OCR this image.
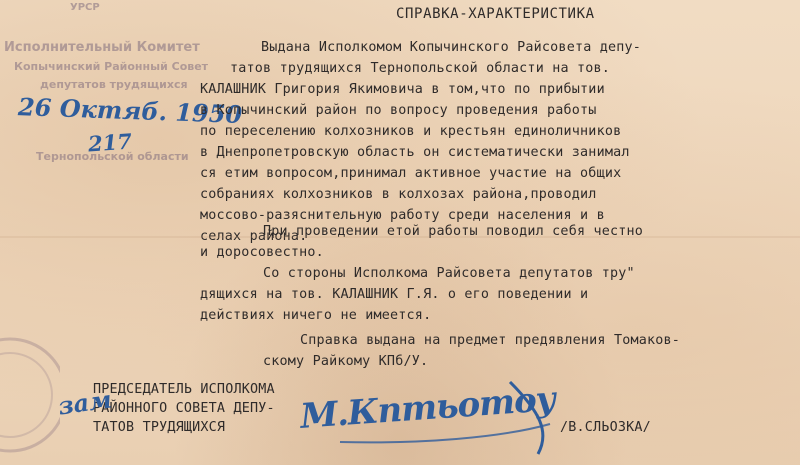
УРСР
Исполнительный Комитет
Копычинский Районный Совет
депутатов трудящихся
Тернопольской области
26 Октяб. 1950
217
СПРАВКА-ХАРАКТЕРИСТИКА
Выдана Исполкомом Копычинского Райсовета депу-
татов трудящихся Тернопольской области на тов.
КАЛАШНИК Григория Якимовича в том,что по прибытии
в Копычинский район по вопросу проведения работы
по переселению колхозников и крестьян единоличников
в Днепропетровскую область он систематически занимал
ся етим вопросом,принимал активное участие на общих
собраниях колхозников в колхозах района,проводил
моссово-разяснительную работу среди населения и в
селах района.
При проведении етой работы поводил себя честно
и доросовестно.
Со стороны Исполкома Райсовета депутатов тру"
дящихся на тов. КАЛАШНИК Г.Я. о его поведении и
действиях ничего не имеется.
Справка выдана на предмет предявления Томаков-
скому Райкому КПб/У.
ПРЕДСЕДАТЕЛЬ ИСПОЛКОМА
РАЙОННОГО СОВЕТА ДЕПУ-
ТАТОВ ТРУДЯЩИХСЯ
зам	М.Кптьотоу /В.СЛЬОЗКА/
